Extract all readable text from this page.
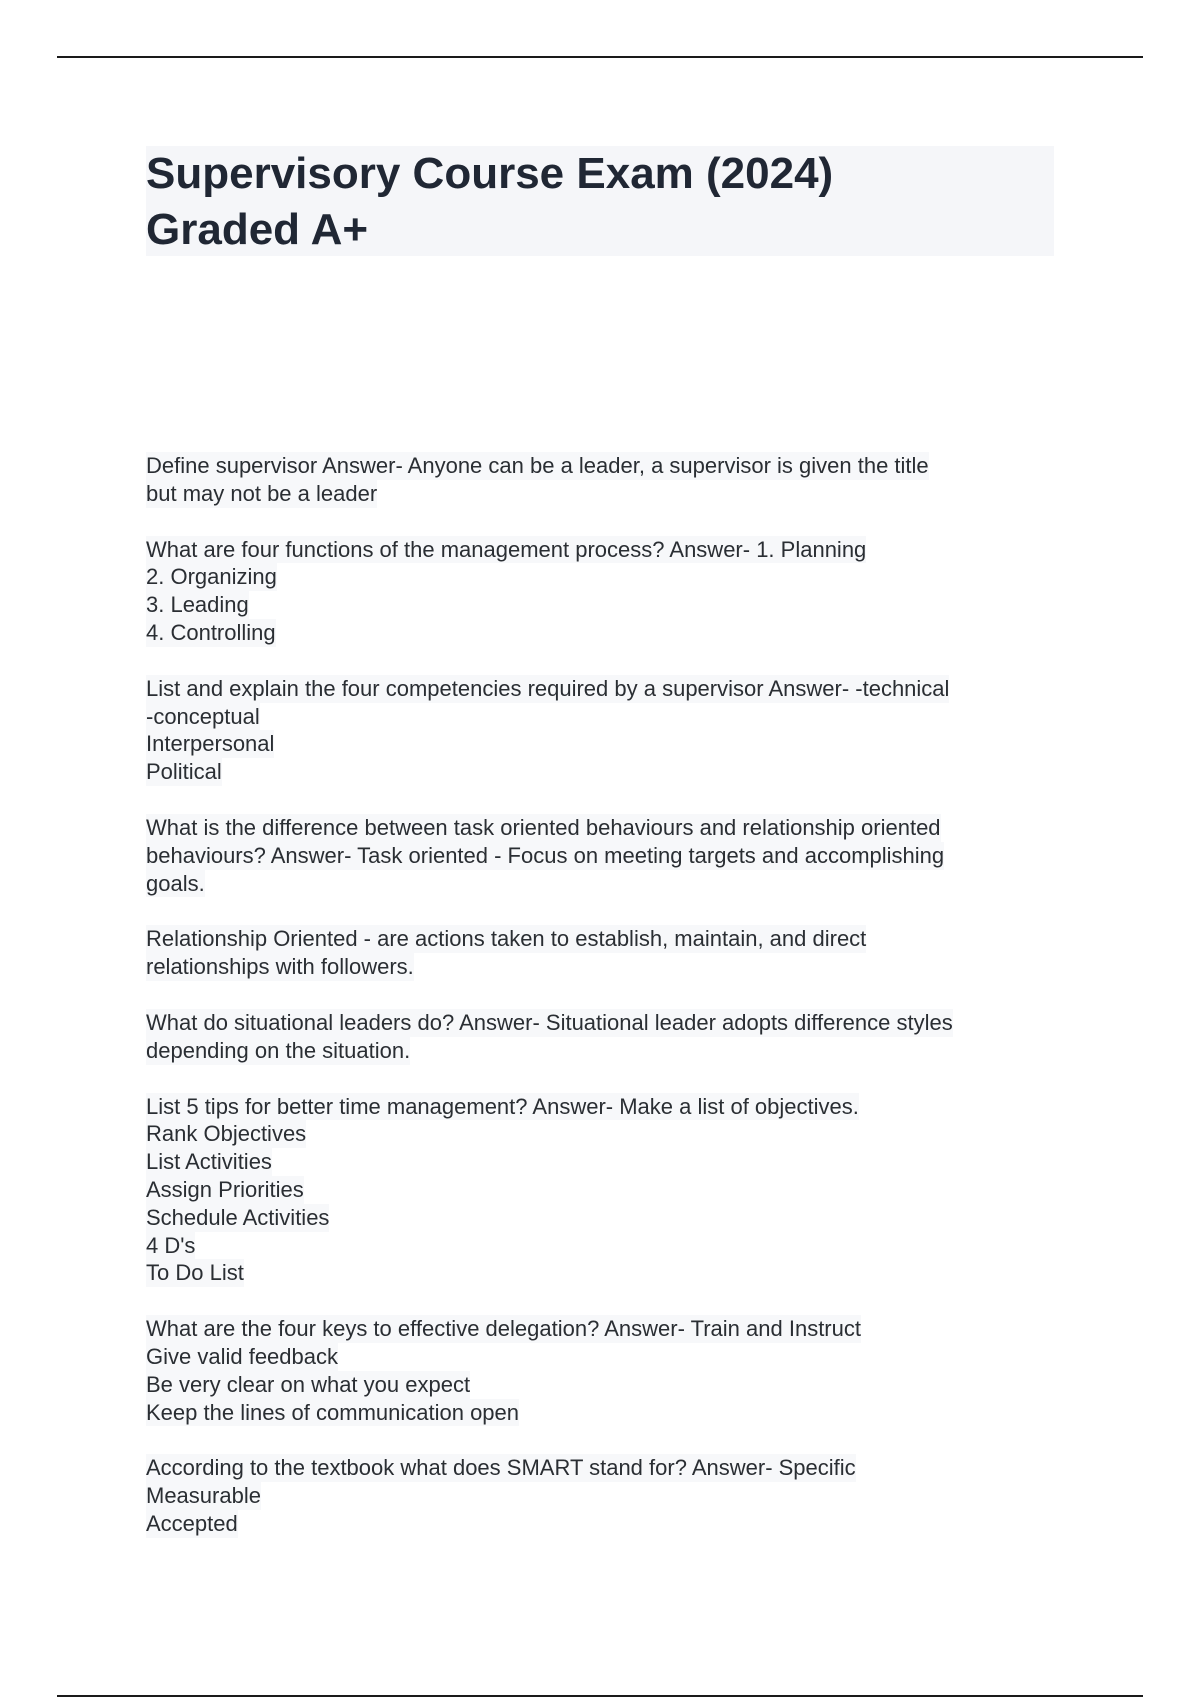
Supervisory Course Exam (2024)
Graded A+
Define supervisor Answer- Anyone can be a leader, a supervisor is given the title
but may not be a leader
What are four functions of the management process? Answer- 1. Planning
2. Organizing
3. Leading
4. Controlling
List and explain the four competencies required by a supervisor Answer- -technical
-conceptual
Interpersonal
Political
What is the difference between task oriented behaviours and relationship oriented
behaviours? Answer- Task oriented - Focus on meeting targets and accomplishing
goals.
Relationship Oriented - are actions taken to establish, maintain, and direct
relationships with followers.
What do situational leaders do? Answer- Situational leader adopts difference styles
depending on the situation.
List 5 tips for better time management? Answer- Make a list of objectives.
Rank Objectives
List Activities
Assign Priorities
Schedule Activities
4 D's
To Do List
What are the four keys to effective delegation? Answer- Train and Instruct
Give valid feedback
Be very clear on what you expect
Keep the lines of communication open
According to the textbook what does SMART stand for? Answer- Specific
Measurable
Accepted
